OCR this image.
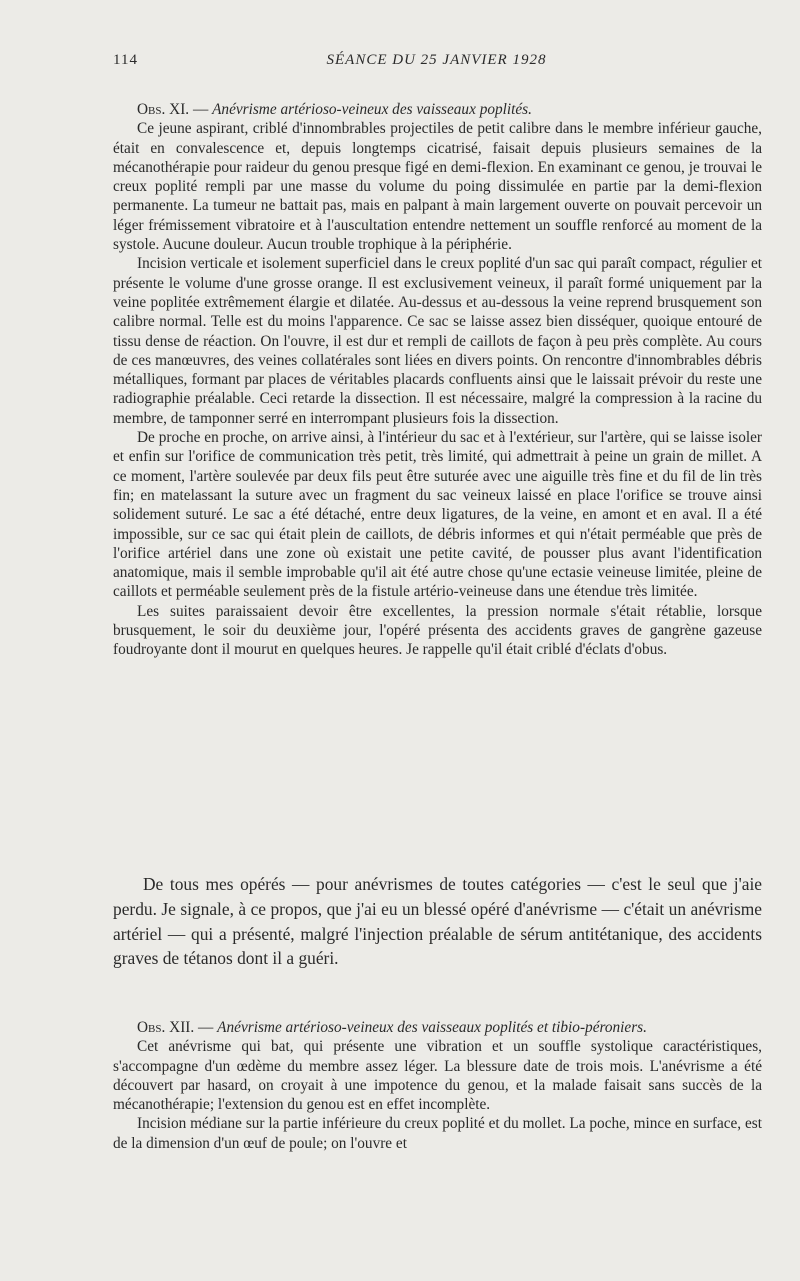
114	SÉANCE DU 25 JANVIER 1928

Obs. XI. — Anévrisme artérioso-veineux des vaisseaux poplités.

Ce jeune aspirant, criblé d'innombrables projectiles de petit calibre dans le membre inférieur gauche, était en convalescence et, depuis longtemps cicatrisé, faisait depuis plusieurs semaines de la mécanothérapie pour raideur du genou presque figé en demi-flexion. En examinant ce genou, je trouvai le creux poplité rempli par une masse du volume du poing dissimulée en partie par la demi-flexion permanente. La tumeur ne battait pas, mais en palpant à main largement ouverte on pouvait percevoir un léger frémissement vibratoire et à l'auscultation entendre nettement un souffle renforcé au moment de la systole. Aucune douleur. Aucun trouble trophique à la périphérie.

Incision verticale et isolement superficiel dans le creux poplité d'un sac qui paraît compact, régulier et présente le volume d'une grosse orange. Il est exclusivement veineux, il paraît formé uniquement par la veine poplitée extrêmement élargie et dilatée. Au-dessus et au-dessous la veine reprend brusquement son calibre normal. Telle est du moins l'apparence. Ce sac se laisse assez bien disséquer, quoique entouré de tissu dense de réaction. On l'ouvre, il est dur et rempli de caillots de façon à peu près complète. Au cours de ces manœuvres, des veines collatérales sont liées en divers points. On rencontre d'innombrables débris métalliques, formant par places de véritables placards confluents ainsi que le laissait prévoir du reste une radiographie préalable. Ceci retarde la dissection. Il est nécessaire, malgré la compression à la racine du membre, de tamponner serré en interrompant plusieurs fois la dissection.

De proche en proche, on arrive ainsi, à l'intérieur du sac et à l'extérieur, sur l'artère, qui se laisse isoler et enfin sur l'orifice de communication très petit, très limité, qui admettrait à peine un grain de millet. A ce moment, l'artère soulevée par deux fils peut être suturée avec une aiguille très fine et du fil de lin très fin; en matelassant la suture avec un fragment du sac veineux laissé en place l'orifice se trouve ainsi solidement suturé. Le sac a été détaché, entre deux ligatures, de la veine, en amont et en aval. Il a été impossible, sur ce sac qui était plein de caillots, de débris informes et qui n'était perméable que près de l'orifice artériel dans une zone où existait une petite cavité, de pousser plus avant l'identification anatomique, mais il semble improbable qu'il ait été autre chose qu'une ectasie veineuse limitée, pleine de caillots et perméable seulement près de la fistule artério-veineuse dans une étendue très limitée.

Les suites paraissaient devoir être excellentes, la pression normale s'était rétablie, lorsque brusquement, le soir du deuxième jour, l'opéré présenta des accidents graves de gangrène gazeuse foudroyante dont il mourut en quelques heures. Je rappelle qu'il était criblé d'éclats d'obus.

De tous mes opérés — pour anévrismes de toutes catégories — c'est le seul que j'aie perdu. Je signale, à ce propos, que j'ai eu un blessé opéré d'anévrisme — c'était un anévrisme artériel — qui a présenté, malgré l'injection préalable de sérum antitétanique, des accidents graves de tétanos dont il a guéri.

Obs. XII. — Anévrisme artérioso-veineux des vaisseaux poplités et tibio-péroniers.

Cet anévrisme qui bat, qui présente une vibration et un souffle systolique caractéristiques, s'accompagne d'un œdème du membre assez léger. La blessure date de trois mois. L'anévrisme a été découvert par hasard, on croyait à une impotence du genou, et la malade faisait sans succès de la mécanothérapie; l'extension du genou est en effet incomplète.

Incision médiane sur la partie inférieure du creux poplité et du mollet. La poche, mince en surface, est de la dimension d'un œuf de poule; on l'ouvre et
